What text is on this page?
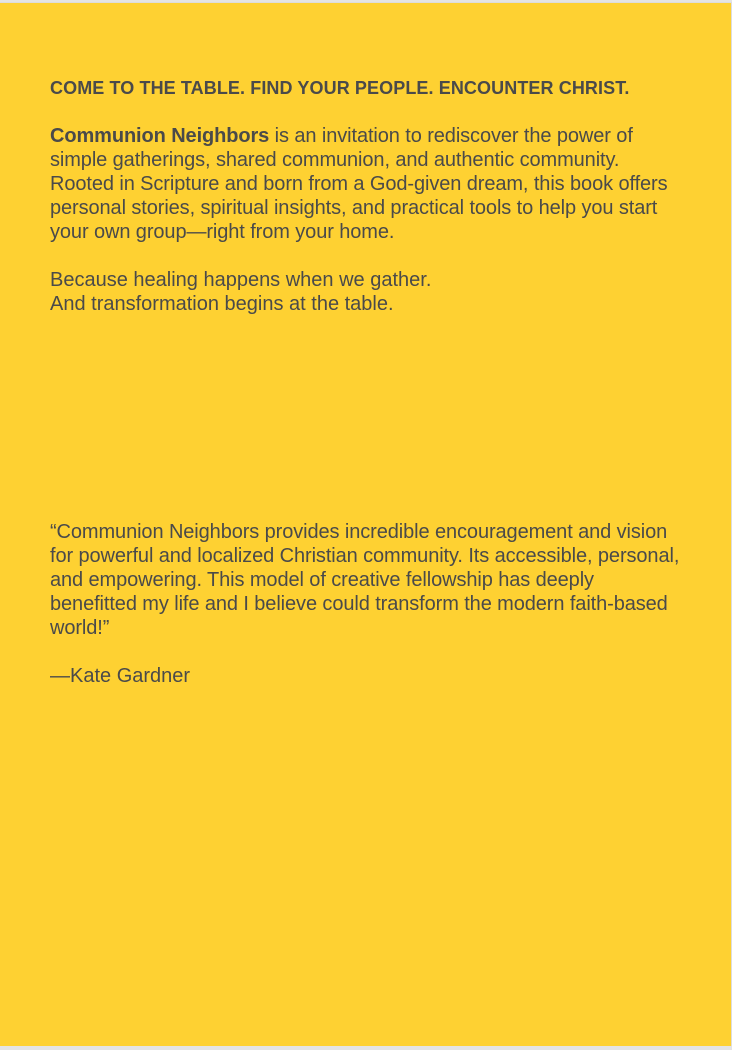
COME TO THE TABLE. FIND YOUR PEOPLE. ENCOUNTER CHRIST.

Communion Neighbors is an invitation to rediscover the power of simple gatherings, shared communion, and authentic community. Rooted in Scripture and born from a God-given dream, this book offers personal stories, spiritual insights, and practical tools to help you start your own group—right from your home.

Because healing happens when we gather.
And transformation begins at the table.

“Communion Neighbors provides incredible encouragement and vision for powerful and localized Christian community. Its accessible, personal, and empowering. This model of creative fellowship has deeply benefitted my life and I believe could transform the modern faith-based world!”

—Kate Gardner
